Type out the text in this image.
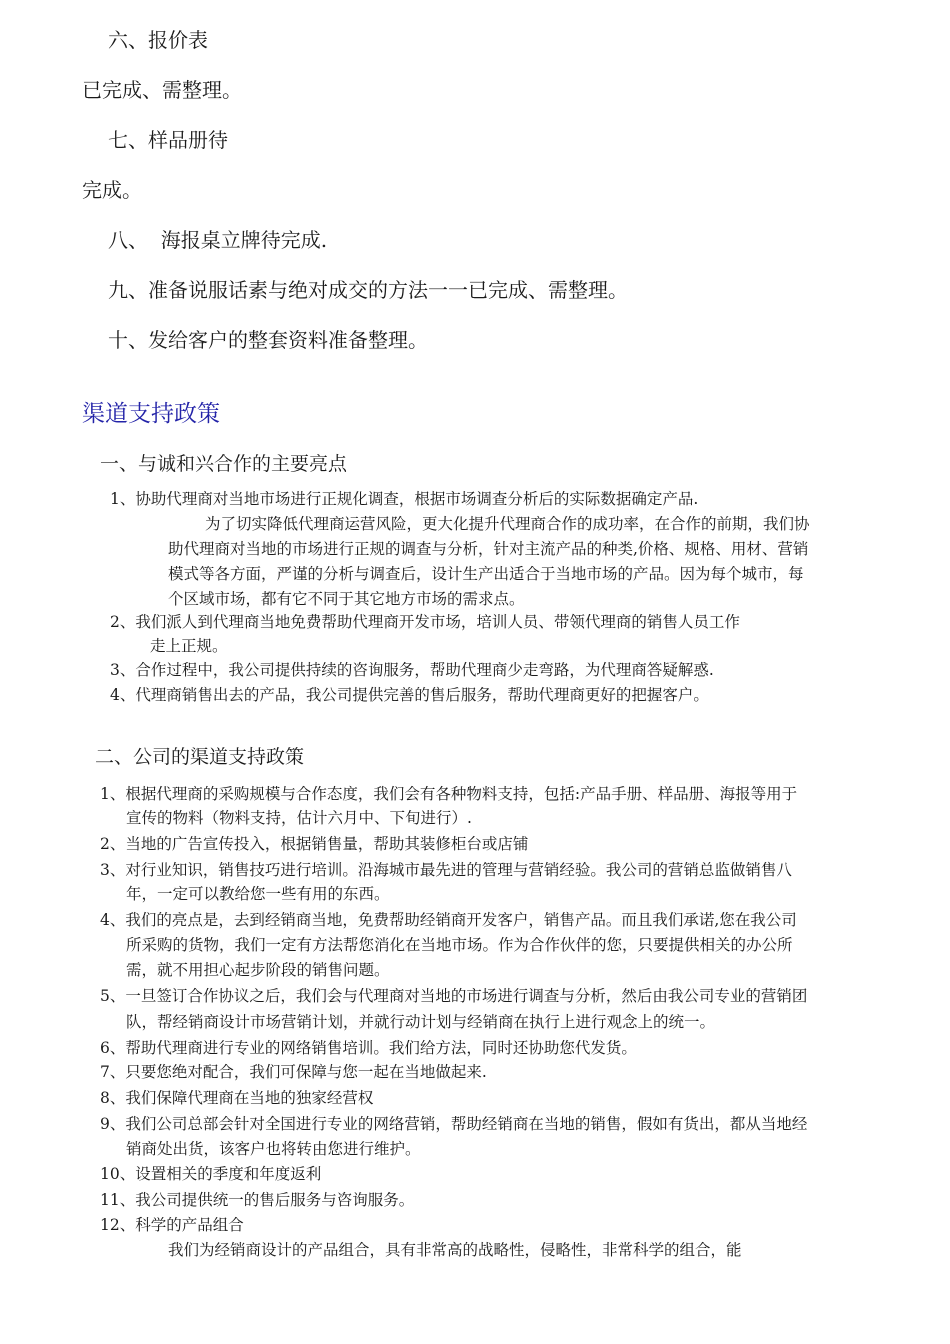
六、报价表
已完成、需整理。
七、样品册待
完成。
八、  海报桌立牌待完成.
九、准备说服话素与绝对成交的方法一一已完成、需整理。
十、发给客户的整套资料准备整理。
渠道支持政策
一、与诚和兴合作的主要亮点
1、协助代理商对当地市场进行正规化调查，根据市场调查分析后的实际数据确定产品.
为了切实降低代理商运营风险，更大化提升代理商合作的成功率，在合作的前期，我们协
助代理商对当地的市场进行正规的调查与分析，针对主流产品的种类,价格、规格、用材、营销
模式等各方面，严谨的分析与调查后，设计生产出适合于当地市场的产品。因为每个城市，每
个区域市场，都有它不同于其它地方市场的需求点。
2、我们派人到代理商当地免费帮助代理商开发市场，培训人员、带领代理商的销售人员工作
走上正规。
3、合作过程中，我公司提供持续的咨询服务，帮助代理商少走弯路，为代理商答疑解惑.
4、代理商销售出去的产品，我公司提供完善的售后服务，帮助代理商更好的把握客户。
二、公司的渠道支持政策
1、根据代理商的采购规模与合作态度，我们会有各种物料支持，包括:产品手册、样品册、海报等用于
宣传的物料（物料支持，估计六月中、下旬进行）.
2、当地的广告宣传投入，根据销售量，帮助其装修柜台或店铺
3、对行业知识，销售技巧进行培训。沿海城市最先进的管理与营销经验。我公司的营销总监做销售八
年，一定可以教给您一些有用的东西。
4、我们的亮点是，去到经销商当地，免费帮助经销商开发客户，销售产品。而且我们承诺,您在我公司
所采购的货物，我们一定有方法帮您消化在当地市场。作为合作伙伴的您，只要提供相关的办公所
需，就不用担心起步阶段的销售问题。
5、一旦签订合作协议之后，我们会与代理商对当地的市场进行调查与分析，然后由我公司专业的营销团
队，帮经销商设计市场营销计划，并就行动计划与经销商在执行上进行观念上的统一。
6、帮助代理商进行专业的网络销售培训。我们给方法，同时还协助您代发货。
7、只要您绝对配合，我们可保障与您一起在当地做起来.
8、我们保障代理商在当地的独家经营权
9、我们公司总部会针对全国进行专业的网络营销，帮助经销商在当地的销售，假如有货出，都从当地经
销商处出货，该客户也将转由您进行维护。
10、设置相关的季度和年度返利
11、我公司提供统一的售后服务与咨询服务。
12、科学的产品组合
我们为经销商设计的产品组合，具有非常高的战略性，侵略性，非常科学的组合，能
